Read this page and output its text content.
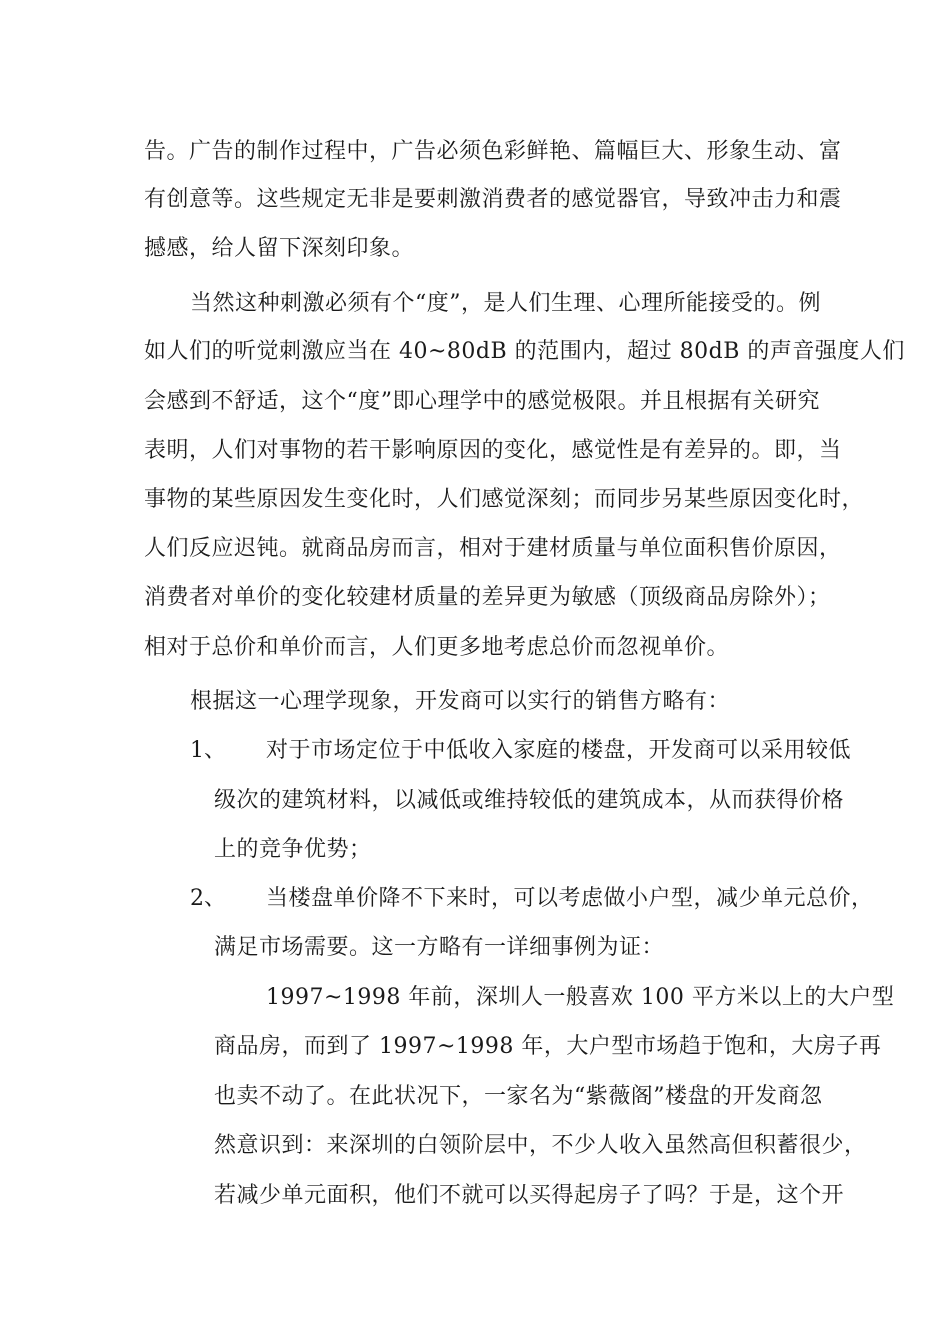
告。广告的制作过程中，广告必须色彩鲜艳、篇幅巨大、形象生动、富
有创意等。这些规定无非是要刺激消费者的感觉器官，导致冲击力和震
撼感，给人留下深刻印象。
当然这种刺激必须有个“度”，是人们生理、心理所能接受的。例
如人们的听觉刺激应当在 40~80dB 的范围内，超过 80dB 的声音强度人们
会感到不舒适，这个“度”即心理学中的感觉极限。并且根据有关研究
表明，人们对事物的若干影响原因的变化，感觉性是有差异的。即，当
事物的某些原因发生变化时，人们感觉深刻；而同步另某些原因变化时，
人们反应迟钝。就商品房而言，相对于建材质量与单位面积售价原因，
消费者对单价的变化较建材质量的差异更为敏感（顶级商品房除外）；
相对于总价和单价而言，人们更多地考虑总价而忽视单价。
根据这一心理学现象，开发商可以实行的销售方略有：
1、 对于市场定位于中低收入家庭的楼盘，开发商可以采用较低
级次的建筑材料，以减低或维持较低的建筑成本，从而获得价格
上的竞争优势；
2、 当楼盘单价降不下来时，可以考虑做小户型，减少单元总价，
满足市场需要。这一方略有一详细事例为证：
1997~1998 年前，深圳人一般喜欢 100 平方米以上的大户型
商品房，而到了 1997~1998 年，大户型市场趋于饱和，大房子再
也卖不动了。在此状况下，一家名为“紫薇阁”楼盘的开发商忽
然意识到：来深圳的白领阶层中，不少人收入虽然高但积蓄很少，
若减少单元面积，他们不就可以买得起房子了吗？于是，这个开
